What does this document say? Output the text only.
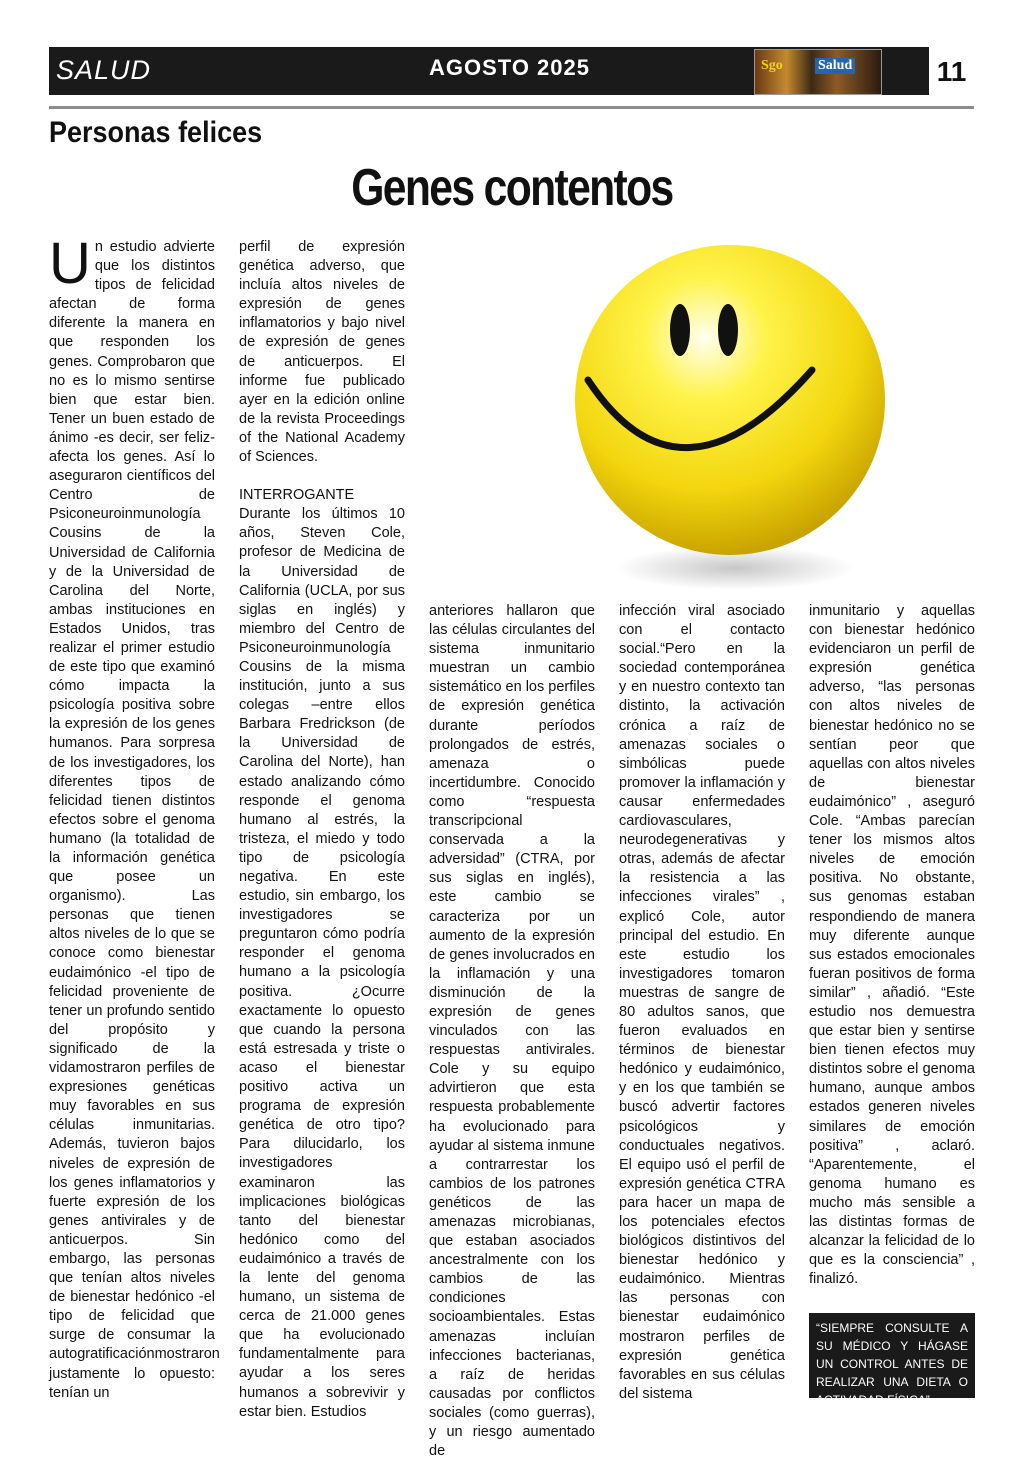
SALUD	AGOSTO 2025	Sgo	Salud	11
Personas felices
Genes contentos

Un estudio advierte que los distintos tipos de felicidad afectan de forma diferente la manera en que responden los genes. Comprobaron que no es lo mismo sentirse bien que estar bien. Tener un buen estado de ánimo -es decir, ser feliz- afecta los genes. Así lo aseguraron científicos del Centro de Psiconeuroinmunología Cousins de la Universidad de California y de la Universidad de Carolina del Norte, ambas instituciones en Estados Unidos, tras realizar el primer estudio de este tipo que examinó cómo impacta la psicología positiva sobre la expresión de los genes humanos. Para sorpresa de los investigadores, los diferentes tipos de felicidad tienen distintos efectos sobre el genoma humano (la totalidad de la información genética que posee un organismo). Las personas que tienen altos niveles de lo que se conoce como bienestar eudaimónico -el tipo de felicidad proveniente de tener un profundo sentido del propósito y significado de la vidamostraron perfiles de expresiones genéticas muy favorables en sus células inmunitarias. Además, tuvieron bajos niveles de expresión de los genes inflamatorios y fuerte expresión de los genes antivirales y de anticuerpos. Sin embargo, las personas que tenían altos niveles de bienestar hedónico -el tipo de felicidad que surge de consumar la autogratificaciónmostraron justamente lo opuesto: tenían un

perfil de expresión genética adverso, que incluía altos niveles de expresión de genes inflamatorios y bajo nivel de expresión de genes de anticuerpos. El informe fue publicado ayer en la edición online de la revista Proceedings of the National Academy of Sciences.

INTERROGANTE

Durante los últimos 10 años, Steven Cole, profesor de Medicina de la Universidad de California (UCLA, por sus siglas en inglés) y miembro del Centro de Psiconeuroinmunología Cousins de la misma institución, junto a sus colegas –entre ellos Barbara Fredrickson (de la Universidad de Carolina del Norte), han estado analizando cómo responde el genoma humano al estrés, la tristeza, el miedo y todo tipo de psicología negativa. En este estudio, sin embargo, los investigadores se preguntaron cómo podría responder el genoma humano a la psicología positiva. ¿Ocurre exactamente lo opuesto que cuando la persona está estresada y triste o acaso el bienestar positivo activa un programa de expresión genética de otro tipo? Para dilucidarlo, los investigadores examinaron las implicaciones biológicas tanto del bienestar hedónico como del eudaimónico a través de la lente del genoma humano, un sistema de cerca de 21.000 genes que ha evolucionado fundamentalmente para ayudar a los seres humanos a sobrevivir y estar bien. Estudios

anteriores hallaron que las células circulantes del sistema inmunitario muestran un cambio sistemático en los perfiles de expresión genética durante períodos prolongados de estrés, amenaza o incertidumbre. Conocido como “respuesta transcripcional conservada a la adversidad” (CTRA, por sus siglas en inglés), este cambio se caracteriza por un aumento de la expresión de genes involucrados en la inflamación y una disminución de la expresión de genes vinculados con las respuestas antivirales. Cole y su equipo advirtieron que esta respuesta probablemente ha evolucionado para ayudar al sistema inmune a contrarrestar los cambios de los patrones genéticos de las amenazas microbianas, que estaban asociados ancestralmente con los cambios de las condiciones socioambientales. Estas amenazas incluían infecciones bacterianas, a raíz de heridas causadas por conflictos sociales (como guerras), y un riesgo aumentado de

infección viral asociado con el contacto social.“Pero en la sociedad contemporánea y en nuestro contexto tan distinto, la activación crónica a raíz de amenazas sociales o simbólicas puede promover la inflamación y causar enfermedades cardiovasculares, neurodegenerativas y otras, además de afectar la resistencia a las infecciones virales” , explicó Cole, autor principal del estudio. En este estudio los investigadores tomaron muestras de sangre de 80 adultos sanos, que fueron evaluados en términos de bienestar hedónico y eudaimónico, y en los que también se buscó advertir factores psicológicos y conductuales negativos. El equipo usó el perfil de expresión genética CTRA para hacer un mapa de los potenciales efectos biológicos distintivos del bienestar hedónico y eudaimónico. Mientras las personas con bienestar eudaimónico mostraron perfiles de expresión genética favorables en sus células del sistema

inmunitario y aquellas con bienestar hedónico evidenciaron un perfil de expresión genética adverso, “las personas con altos niveles de bienestar hedónico no se sentían peor que aquellas con altos niveles de bienestar eudaimónico” , aseguró Cole. “Ambas parecían tener los mismos altos niveles de emoción positiva. No obstante, sus genomas estaban respondiendo de manera muy diferente aunque sus estados emocionales fueran positivos de forma similar” , añadió. “Este estudio nos demuestra que estar bien y sentirse bien tienen efectos muy distintos sobre el genoma humano, aunque ambos estados generen niveles similares de emoción positiva” , aclaró. “Aparentemente, el genoma humano es mucho más sensible a las distintas formas de alcanzar la felicidad de lo que es la consciencia” , finalizó.

“SIEMPRE CONSULTE A SU MÉDICO Y HÁGASE UN CONTROL ANTES DE REALIZAR UNA DIETA O ACTIVADAD FÍSICA”
